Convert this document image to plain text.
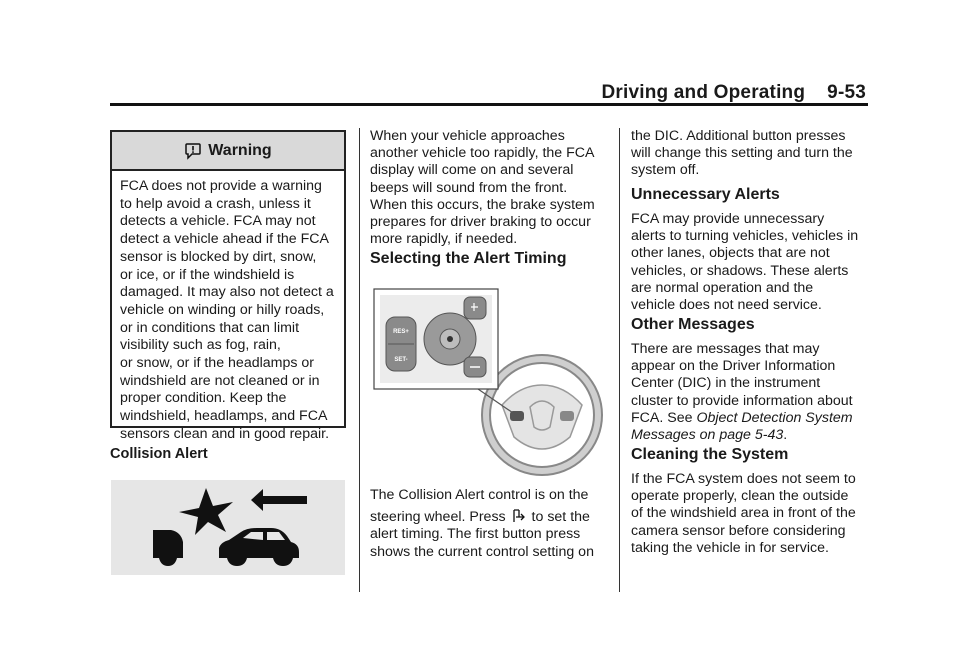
Driving and Operating 9-53
Warning
FCA does not provide a warning
to help avoid a crash, unless it
detects a vehicle. FCA may not
detect a vehicle ahead if the FCA
sensor is blocked by dirt, snow,
or ice, or if the windshield is
damaged. It may also not detect a
vehicle on winding or hilly roads,
or in conditions that can limit
visibility such as fog, rain,
or snow, or if the headlamps or
windshield are not cleaned or in
proper condition. Keep the
windshield, headlamps, and FCA
sensors clean and in good repair.

Collision Alert

When your vehicle approaches
another vehicle too rapidly, the FCA
display will come on and several
beeps will sound from the front.
When this occurs, the brake system
prepares for driver braking to occur
more rapidly, if needed.

Selecting the Alert Timing

RES+
SET-
The Collision Alert control is on the
steering wheel. Press to set the
alert timing. The first button press
shows the current control setting on
the DIC. Additional button presses
will change this setting and turn the
system off.

Unnecessary Alerts

FCA may provide unnecessary
alerts to turning vehicles, vehicles in
other lanes, objects that are not
vehicles, or shadows. These alerts
are normal operation and the
vehicle does not need service.

Other Messages

There are messages that may
appear on the Driver Information
Center (DIC) in the instrument
cluster to provide information about
FCA. See Object Detection System
Messages on page 5-43.

Cleaning the System

If the FCA system does not seem to
operate properly, clean the outside
of the windshield area in front of the
camera sensor before considering
taking the vehicle in for service.
